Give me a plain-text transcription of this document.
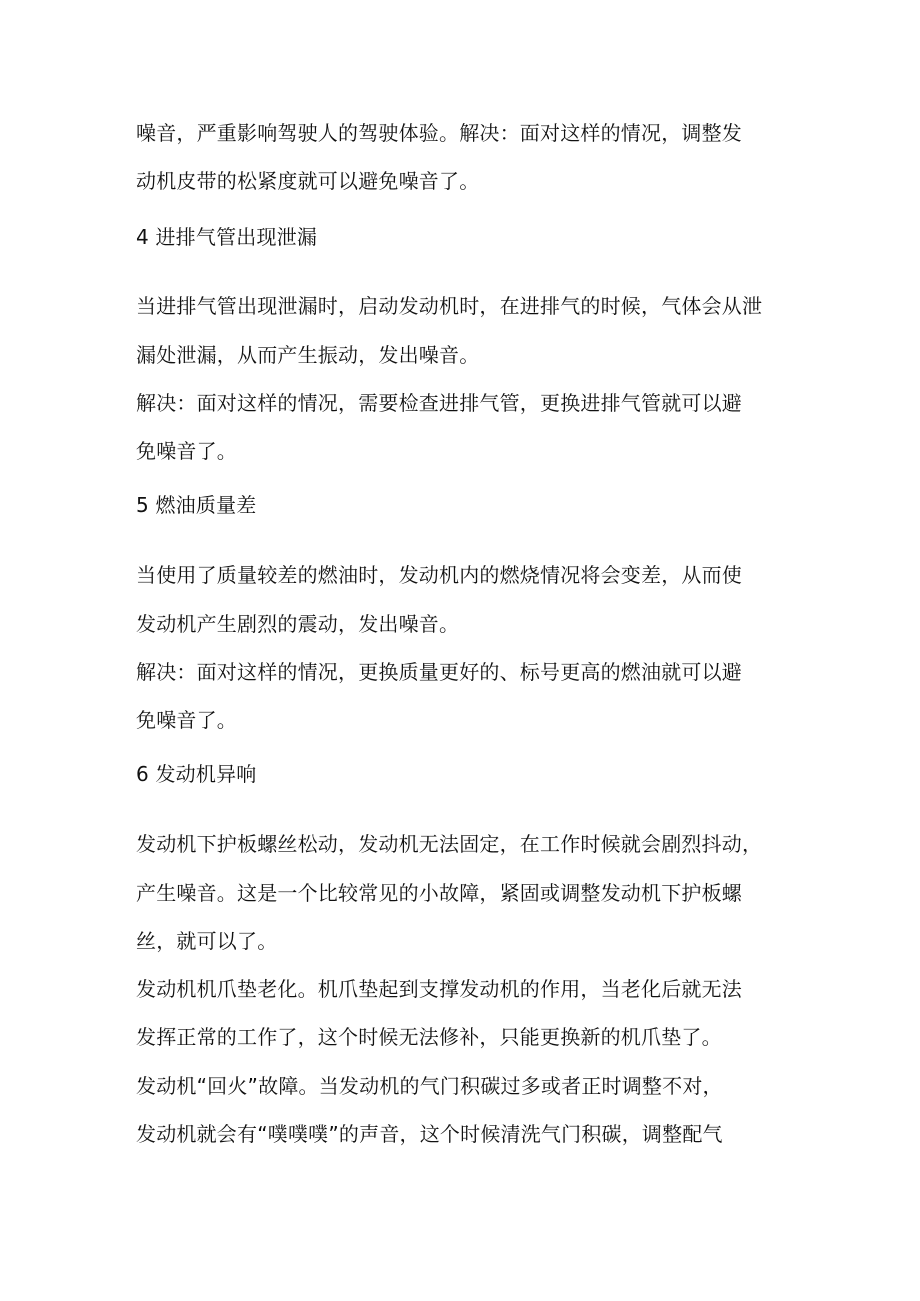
噪音，严重影响驾驶人的驾驶体验。解决：面对这样的情况，调整发
动机皮带的松紧度就可以避免噪音了。
4 进排气管出现泄漏
当进排气管出现泄漏时，启动发动机时，在进排气的时候，气体会从泄
漏处泄漏，从而产生振动，发出噪音。
解决：面对这样的情况，需要检查进排气管，更换进排气管就可以避
免噪音了。
5 燃油质量差
当使用了质量较差的燃油时，发动机内的燃烧情况将会变差，从而使
发动机产生剧烈的震动，发出噪音。
解决：面对这样的情况，更换质量更好的、标号更高的燃油就可以避
免噪音了。
6 发动机异响
发动机下护板螺丝松动，发动机无法固定，在工作时候就会剧烈抖动，
产生噪音。这是一个比较常见的小故障，紧固或调整发动机下护板螺
丝，就可以了。
发动机机爪垫老化。机爪垫起到支撑发动机的作用，当老化后就无法
发挥正常的工作了，这个时候无法修补，只能更换新的机爪垫了。
发动机“回火”故障。当发动机的气门积碳过多或者正时调整不对，
发动机就会有“噗噗噗”的声音，这个时候清洗气门积碳，调整配气
